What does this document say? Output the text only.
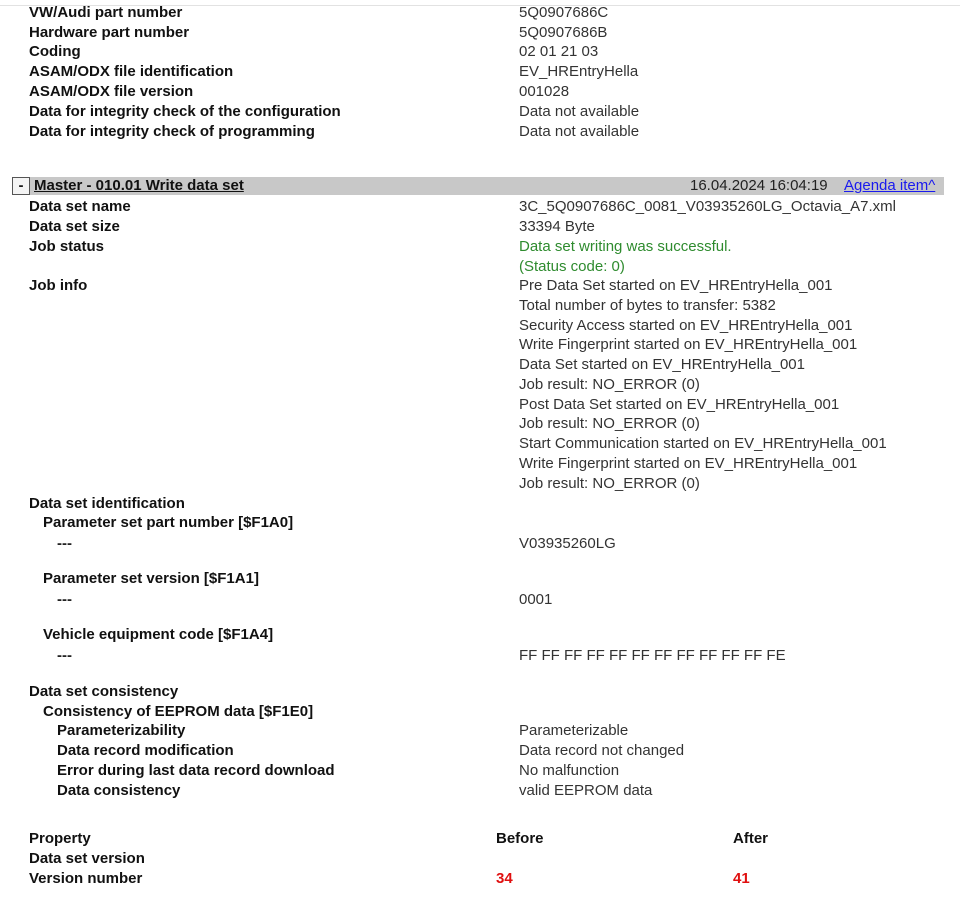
VW/Audi part number	5Q0907686C
Hardware part number	5Q0907686B
Coding	02 01 21 03
ASAM/ODX file identification	EV_HREntryHella
ASAM/ODX file version	001028
Data for integrity check of the configuration	Data not available
Data for integrity check of programming	Data not available
- Master - 010.01 Write data set	16.04.2024 16:04:19 Agenda item^
Data set name	3C_5Q0907686C_0081_V03935260LG_Octavia_A7.xml
Data set size	33394 Byte
Job status	Data set writing was successful.
(Status code: 0)
Job info	Pre Data Set started on EV_HREntryHella_001
Total number of bytes to transfer: 5382
Security Access started on EV_HREntryHella_001
Write Fingerprint started on EV_HREntryHella_001
Data Set started on EV_HREntryHella_001
Job result: NO_ERROR (0)
Post Data Set started on EV_HREntryHella_001
Job result: NO_ERROR (0)
Start Communication started on EV_HREntryHella_001
Write Fingerprint started on EV_HREntryHella_001
Job result: NO_ERROR (0)
Data set identification
Parameter set part number [$F1A0]
---	V03935260LG
Parameter set version [$F1A1]
---	0001
Vehicle equipment code [$F1A4]
---	FF FF FF FF FF FF FF FF FF FF FF FE
Data set consistency
Consistency of EEPROM data [$F1E0]
Parameterizability	Parameterizable
Data record modification	Data record not changed
Error during last data record download	No malfunction
Data consistency	valid EEPROM data
Property	Before	After
Data set version
Version number	34	41
